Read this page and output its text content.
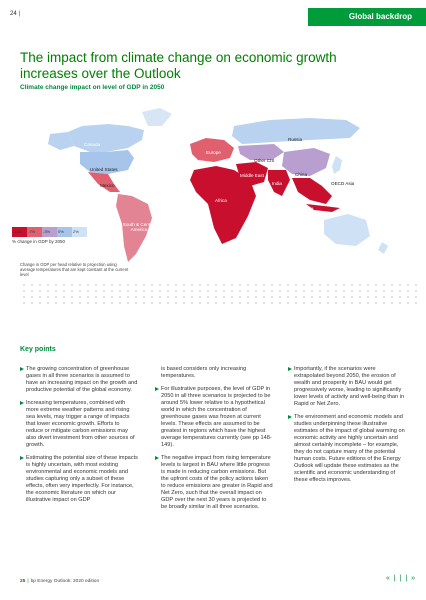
24 |	Global backdrop
The impact from climate change on economic growth increases over the Outlook
Climate change impact on level of GDP in 2050
Canada
United States
Mexico
South & Central America
Europe
Africa
Russia
Other CIS
Middle East	China
India	OECD Asia
Other Asia
-11%	-7%	-3%	0%	2%
% change in GDP by 2050
Change in GDP per head relative to projection using average temperatures that are kept constant at the current level
Key points
The growing concentration of greenhouse gases in all three scenarios is assumed to have an increasing impact on the growth and productive potential of the global economy.
Increasing temperatures, combined with more extreme weather patterns and rising sea levels, may trigger a range of impacts that lower economic growth. Efforts to reduce or mitigate carbon emissions may also divert investment from other sources of growth.
Estimating the potential size of these impacts is highly uncertain, with most existing environmental and economic models and studies capturing only a subset of these effects, often very imperfectly. For instance, the economic literature on which our illustrative impact on GDP
is based considers only increasing temperatures.
For illustrative purposes, the level of GDP in 2050 in all three scenarios is projected to be around 5% lower relative to a hypothetical world in which the concentration of greenhouse gases was frozen at current levels. These effects are assumed to be greatest in regions which have the highest average temperatures currently (see pp 148-149).
The negative impact from rising temperature levels is largest in BAU where little progress is made in reducing carbon emissions. But the upfront costs of the policy actions taken to reduce emissions are greater in Rapid and Net Zero, such that the overall impact on GDP over the next 30 years is projected to be broadly similar in all three scenarios.
Importantly, if the scenarios were extrapolated beyond 2050, the erosion of wealth and prosperity in BAU would get progressively worse, leading to significantly lower levels of activity and well-being than in Rapid or Net Zero.
The environment and economic models and studies underpinning these illustrative estimates of the impact of global warming on economic activity are highly uncertain and almost certainly incomplete – for example, they do not capture many of the potential human costs. Future editions of the Energy Outlook will update these estimates as the scientific and economic understanding of these effects improves.
25 | bp Energy Outlook: 2020 edition	« | | | »
